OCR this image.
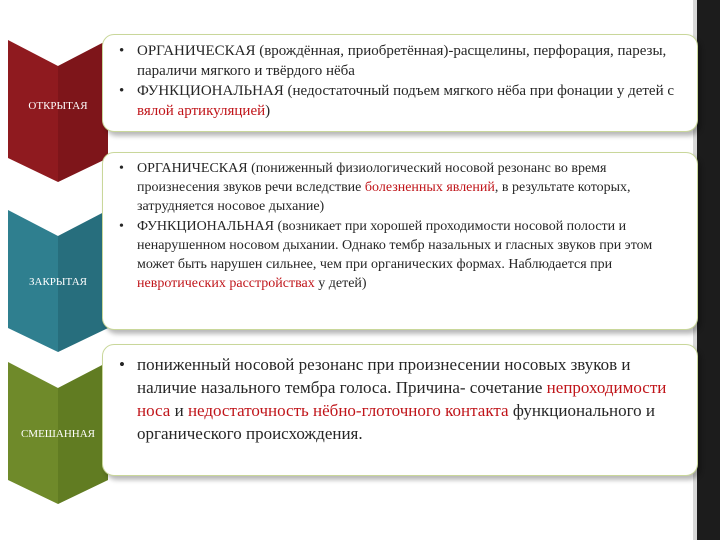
ОТКРЫТАЯ
ЗАКРЫТАЯ
СМЕШАННАЯ
• ОРГАНИЧЕСКАЯ (врождённая, приобретённая)-расщелины, перфорация, парезы, параличи мягкого и твёрдого нёба
• ФУНКЦИОНАЛЬНАЯ (недостаточный подъем мягкого нёба при фонации у детей с вялой артикуляцией)
• ОРГАНИЧЕСКАЯ (пониженный физиологический носовой резонанс во время произнесения звуков речи вследствие болезненных явлений, в результате которых, затрудняется носовое дыхание)
• ФУНКЦИОНАЛЬНАЯ (возникает при хорошей проходимости носовой полости и ненарушенном носовом дыхании. Однако тембр назальных и гласных звуков при этом может быть нарушен сильнее, чем при органических формах. Наблюдается при невротических расстройствах у детей)
• пониженный носовой резонанс при произнесении носовых звуков и наличие назального тембра голоса. Причина- сочетание непроходимости носа и недостаточность нёбно-глоточного контакта функционального и органического происхождения.
